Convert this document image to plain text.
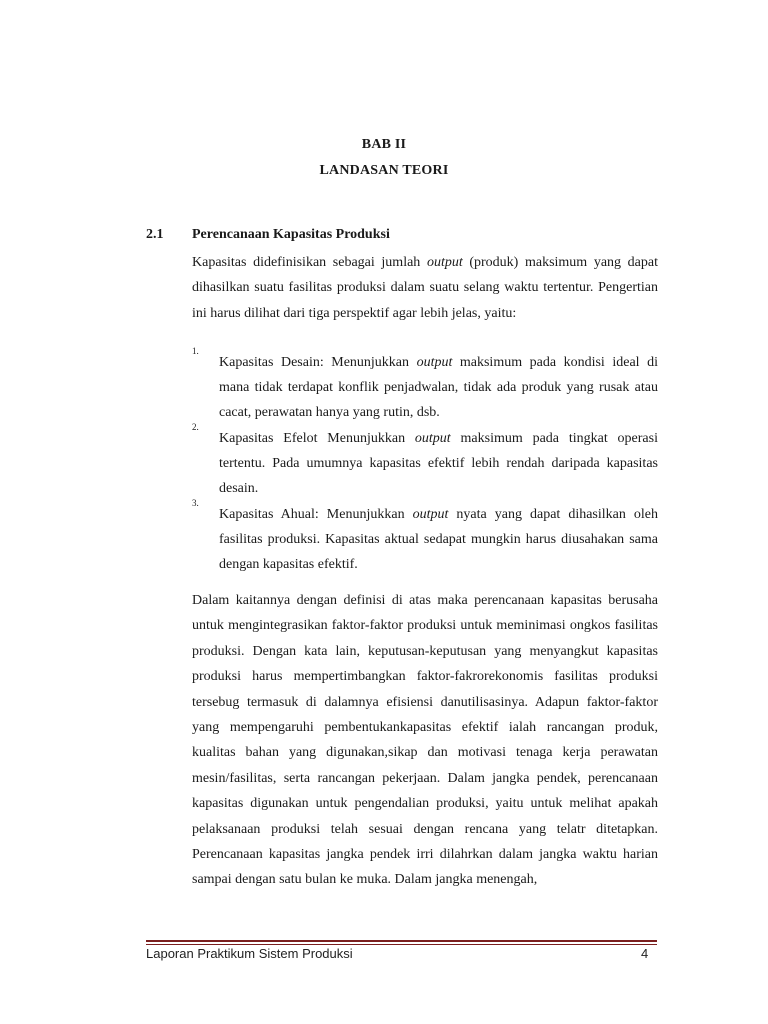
BAB II
LANDASAN TEORI
2.1 Perencanaan Kapasitas Produksi
Kapasitas didefinisikan sebagai jumlah output (produk) maksimum yang dapat dihasilkan suatu fasilitas produksi dalam suatu selang waktu tertentur. Pengertian ini harus dilihat dari tiga perspektif agar lebih jelas, yaitu:
1.
Kapasitas Desain: Menunjukkan output maksimum pada kondisi ideal di mana tidak terdapat konflik penjadwalan, tidak ada produk yang rusak atau cacat, perawatan hanya yang rutin, dsb.
2.
Kapasitas Efelot Menunjukkan output maksimum pada tingkat operasi tertentu. Pada umumnya kapasitas efektif lebih rendah daripada kapasitas desain.
3.
Kapasitas Ahual: Menunjukkan output nyata yang dapat dihasilkan oleh fasilitas produksi. Kapasitas aktual sedapat mungkin harus diusahakan sama dengan kapasitas efektif.
Dalam kaitannya dengan definisi di atas maka perencanaan kapasitas berusaha untuk mengintegrasikan faktor-faktor produksi untuk meminimasi ongkos fasilitas produksi. Dengan kata lain, keputusan-keputusan yang menyangkut kapasitas produksi harus mempertimbangkan faktor-fakrorekonomis fasilitas produksi tersebug termasuk di dalamnya efisiensi danutilisasinya. Adapun faktor-faktor yang mempengaruhi pembentukankapasitas efektif ialah rancangan produk, kualitas bahan yang digunakan,sikap dan motivasi tenaga kerja perawatan mesin/fasilitas, serta rancangan pekerjaan. Dalam jangka pendek, perencanaan kapasitas digunakan untuk pengendalian produksi, yaitu untuk melihat apakah pelaksanaan produksi telah sesuai dengan rencana yang telatr ditetapkan. Perencanaan kapasitas jangka pendek irri dilahrkan dalam jangka waktu harian sampai dengan satu bulan ke muka. Dalam jangka menengah,
Laporan Praktikum Sistem Produksi	4
